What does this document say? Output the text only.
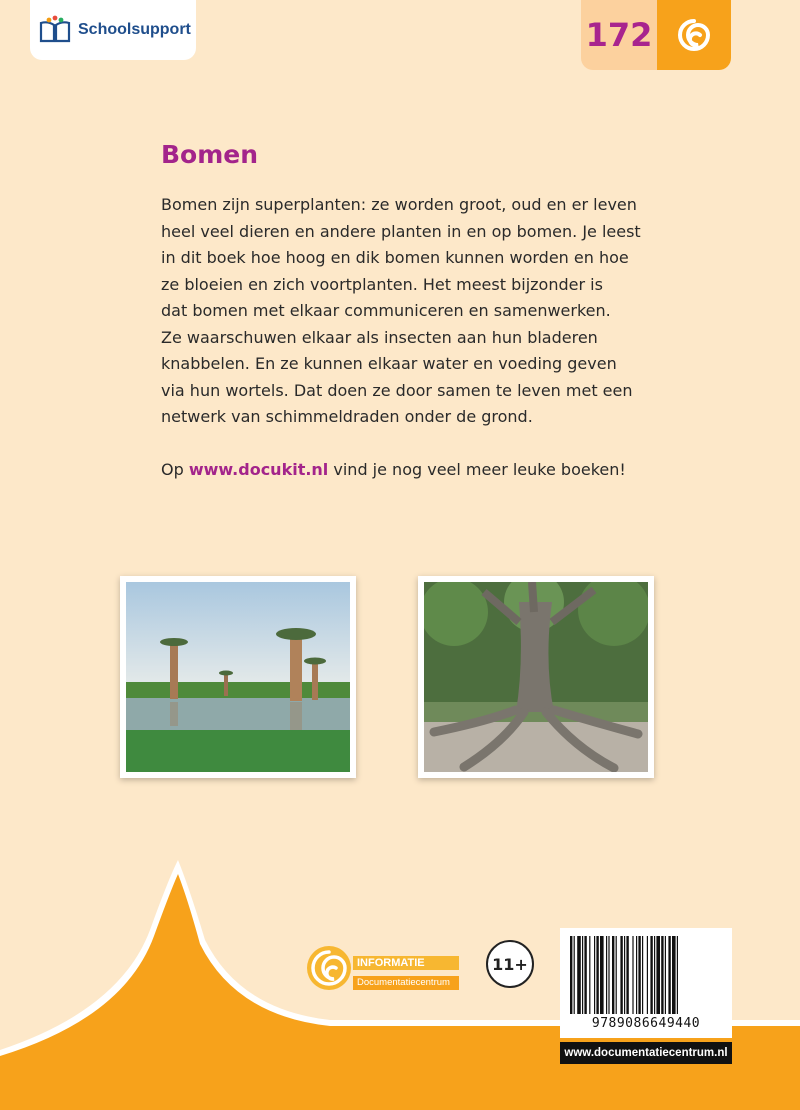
Schoolsupport	172
Bomen
Bomen zijn superplanten: ze worden groot, oud en er leven
heel veel dieren en andere planten in en op bomen. Je leest
in dit boek hoe hoog en dik bomen kunnen worden en hoe
ze bloeien en zich voortplanten. Het meest bijzonder is
dat bomen met elkaar communiceren en samenwerken.
Ze waarschuwen elkaar als insecten aan hun bladeren
knabbelen. En ze kunnen elkaar water en voeding geven
via hun wortels. Dat doen ze door samen te leven met een
netwerk van schimmeldraden onder de grond.
Op www.docukit.nl vind je nog veel meer leuke boeken!
INFORMATIE
Documentatiecentrum
11+
9789086649440
www.documentatiecentrum.nl
